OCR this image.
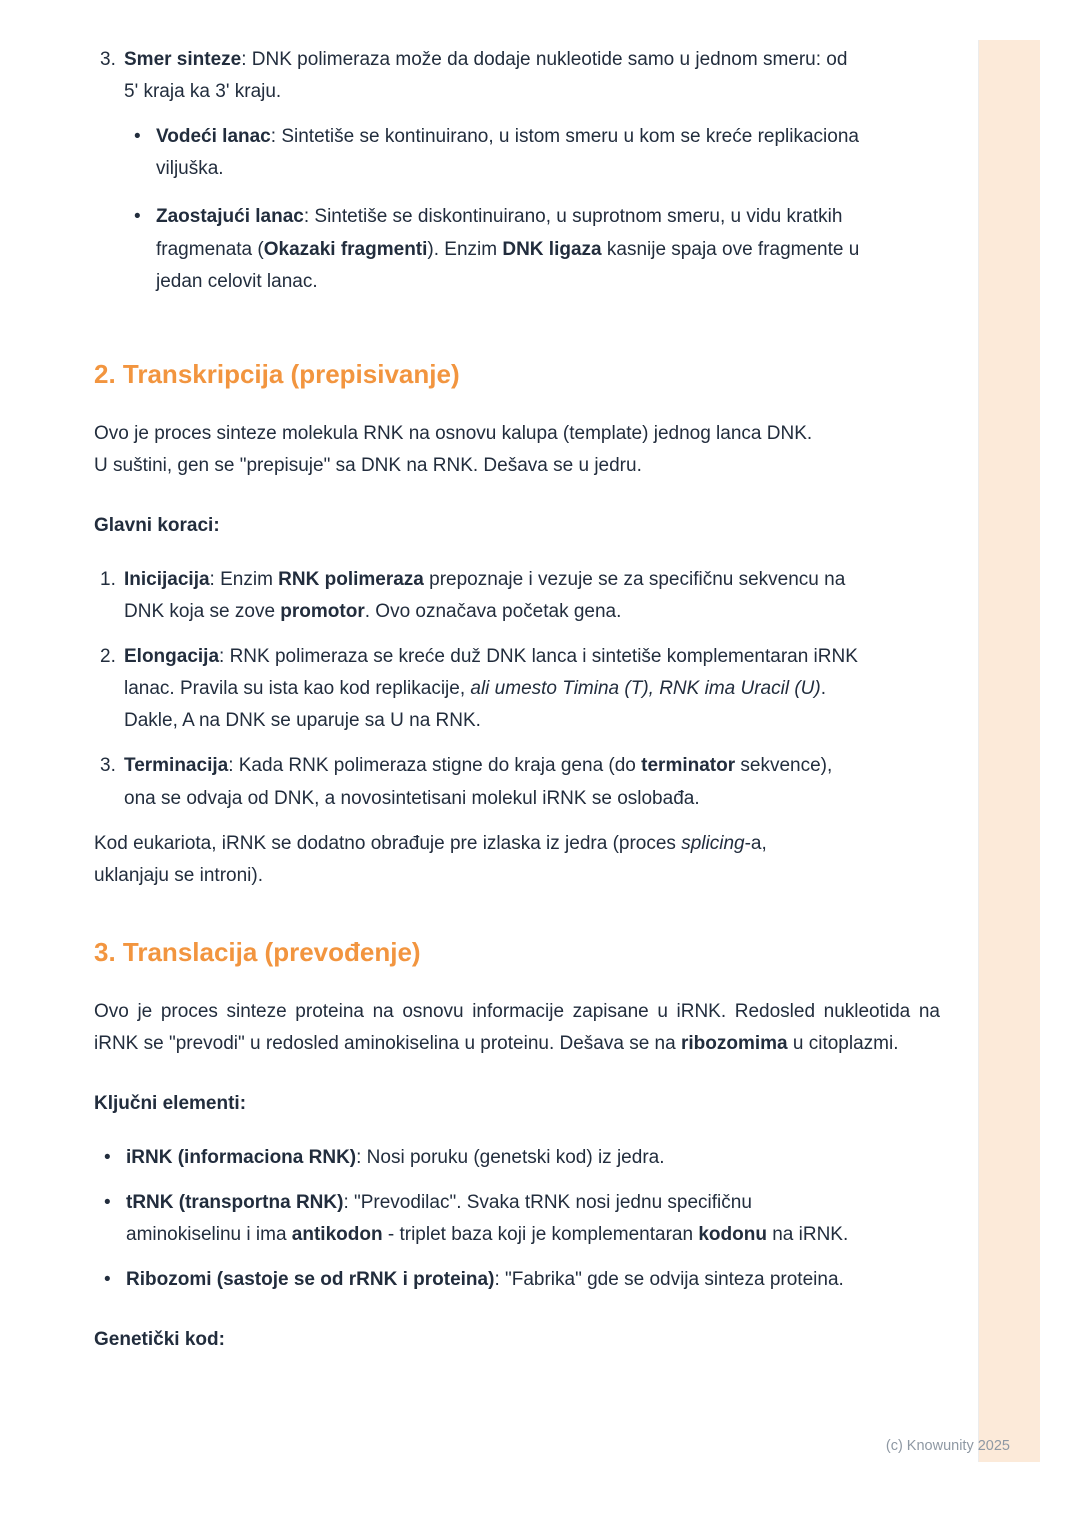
3. Smer sinteze: DNK polimeraza može da dodaje nukleotide samo u jednom smeru: od 5' kraja ka 3' kraju.

•

Vodeći lanac: Sintetiše se kontinuirano, u istom smeru u kom se kreće replikaciona viljuška.

•

Zaostajući lanac: Sintetiše se diskontinuirano, u suprotnom smeru, u vidu kratkih fragmenata (Okazaki fragmenti). Enzim DNK ligaza kasnije spaja ove fragmente u jedan celovit lanac.

2. Transkripcija (prepisivanje)

Ovo je proces sinteze molekula RNK na osnovu kalupa (template) jednog lanca DNK. U suštini, gen se "prepisuje" sa DNK na RNK. Dešava se u jedru.

Glavni koraci:

1. Inicijacija: Enzim RNK polimeraza prepoznaje i vezuje se za specifičnu sekvencu na DNK koja se zove promotor. Ovo označava početak gena.

2. Elongacija: RNK polimeraza se kreće duž DNK lanca i sintetiše komplementaran iRNK lanac. Pravila su ista kao kod replikacije, ali umesto Timina (T), RNK ima Uracil (U). Dakle, A na DNK se uparuje sa U na RNK.

3. Terminacija: Kada RNK polimeraza stigne do kraja gena (do terminator sekvence), ona se odvaja od DNK, a novosintetisani molekul iRNK se oslobađa.

Kod eukariota, iRNK se dodatno obrađuje pre izlaska iz jedra (proces splicing-a, uklanjaju se introni).

3. Translacija (prevođenje)

Ovo je proces sinteze proteina na osnovu informacije zapisane u iRNK. Redosled nukleotida na iRNK se "prevodi" u redosled aminokiselina u proteinu. Dešava se na ribozomima u citoplazmi.

Ključni elementi:

•

iRNK (informaciona RNK): Nosi poruku (genetski kod) iz jedra.

•

tRNK (transportna RNK): "Prevodilac". Svaka tRNK nosi jednu specifičnu aminokiselinu i ima antikodon - triplet baza koji je komplementaran kodonu na iRNK.

•

Ribozomi (sastoje se od rRNK i proteina): "Fabrika" gde se odvija sinteza proteina.

Genetički kod:

(c) Knowunity 2025
